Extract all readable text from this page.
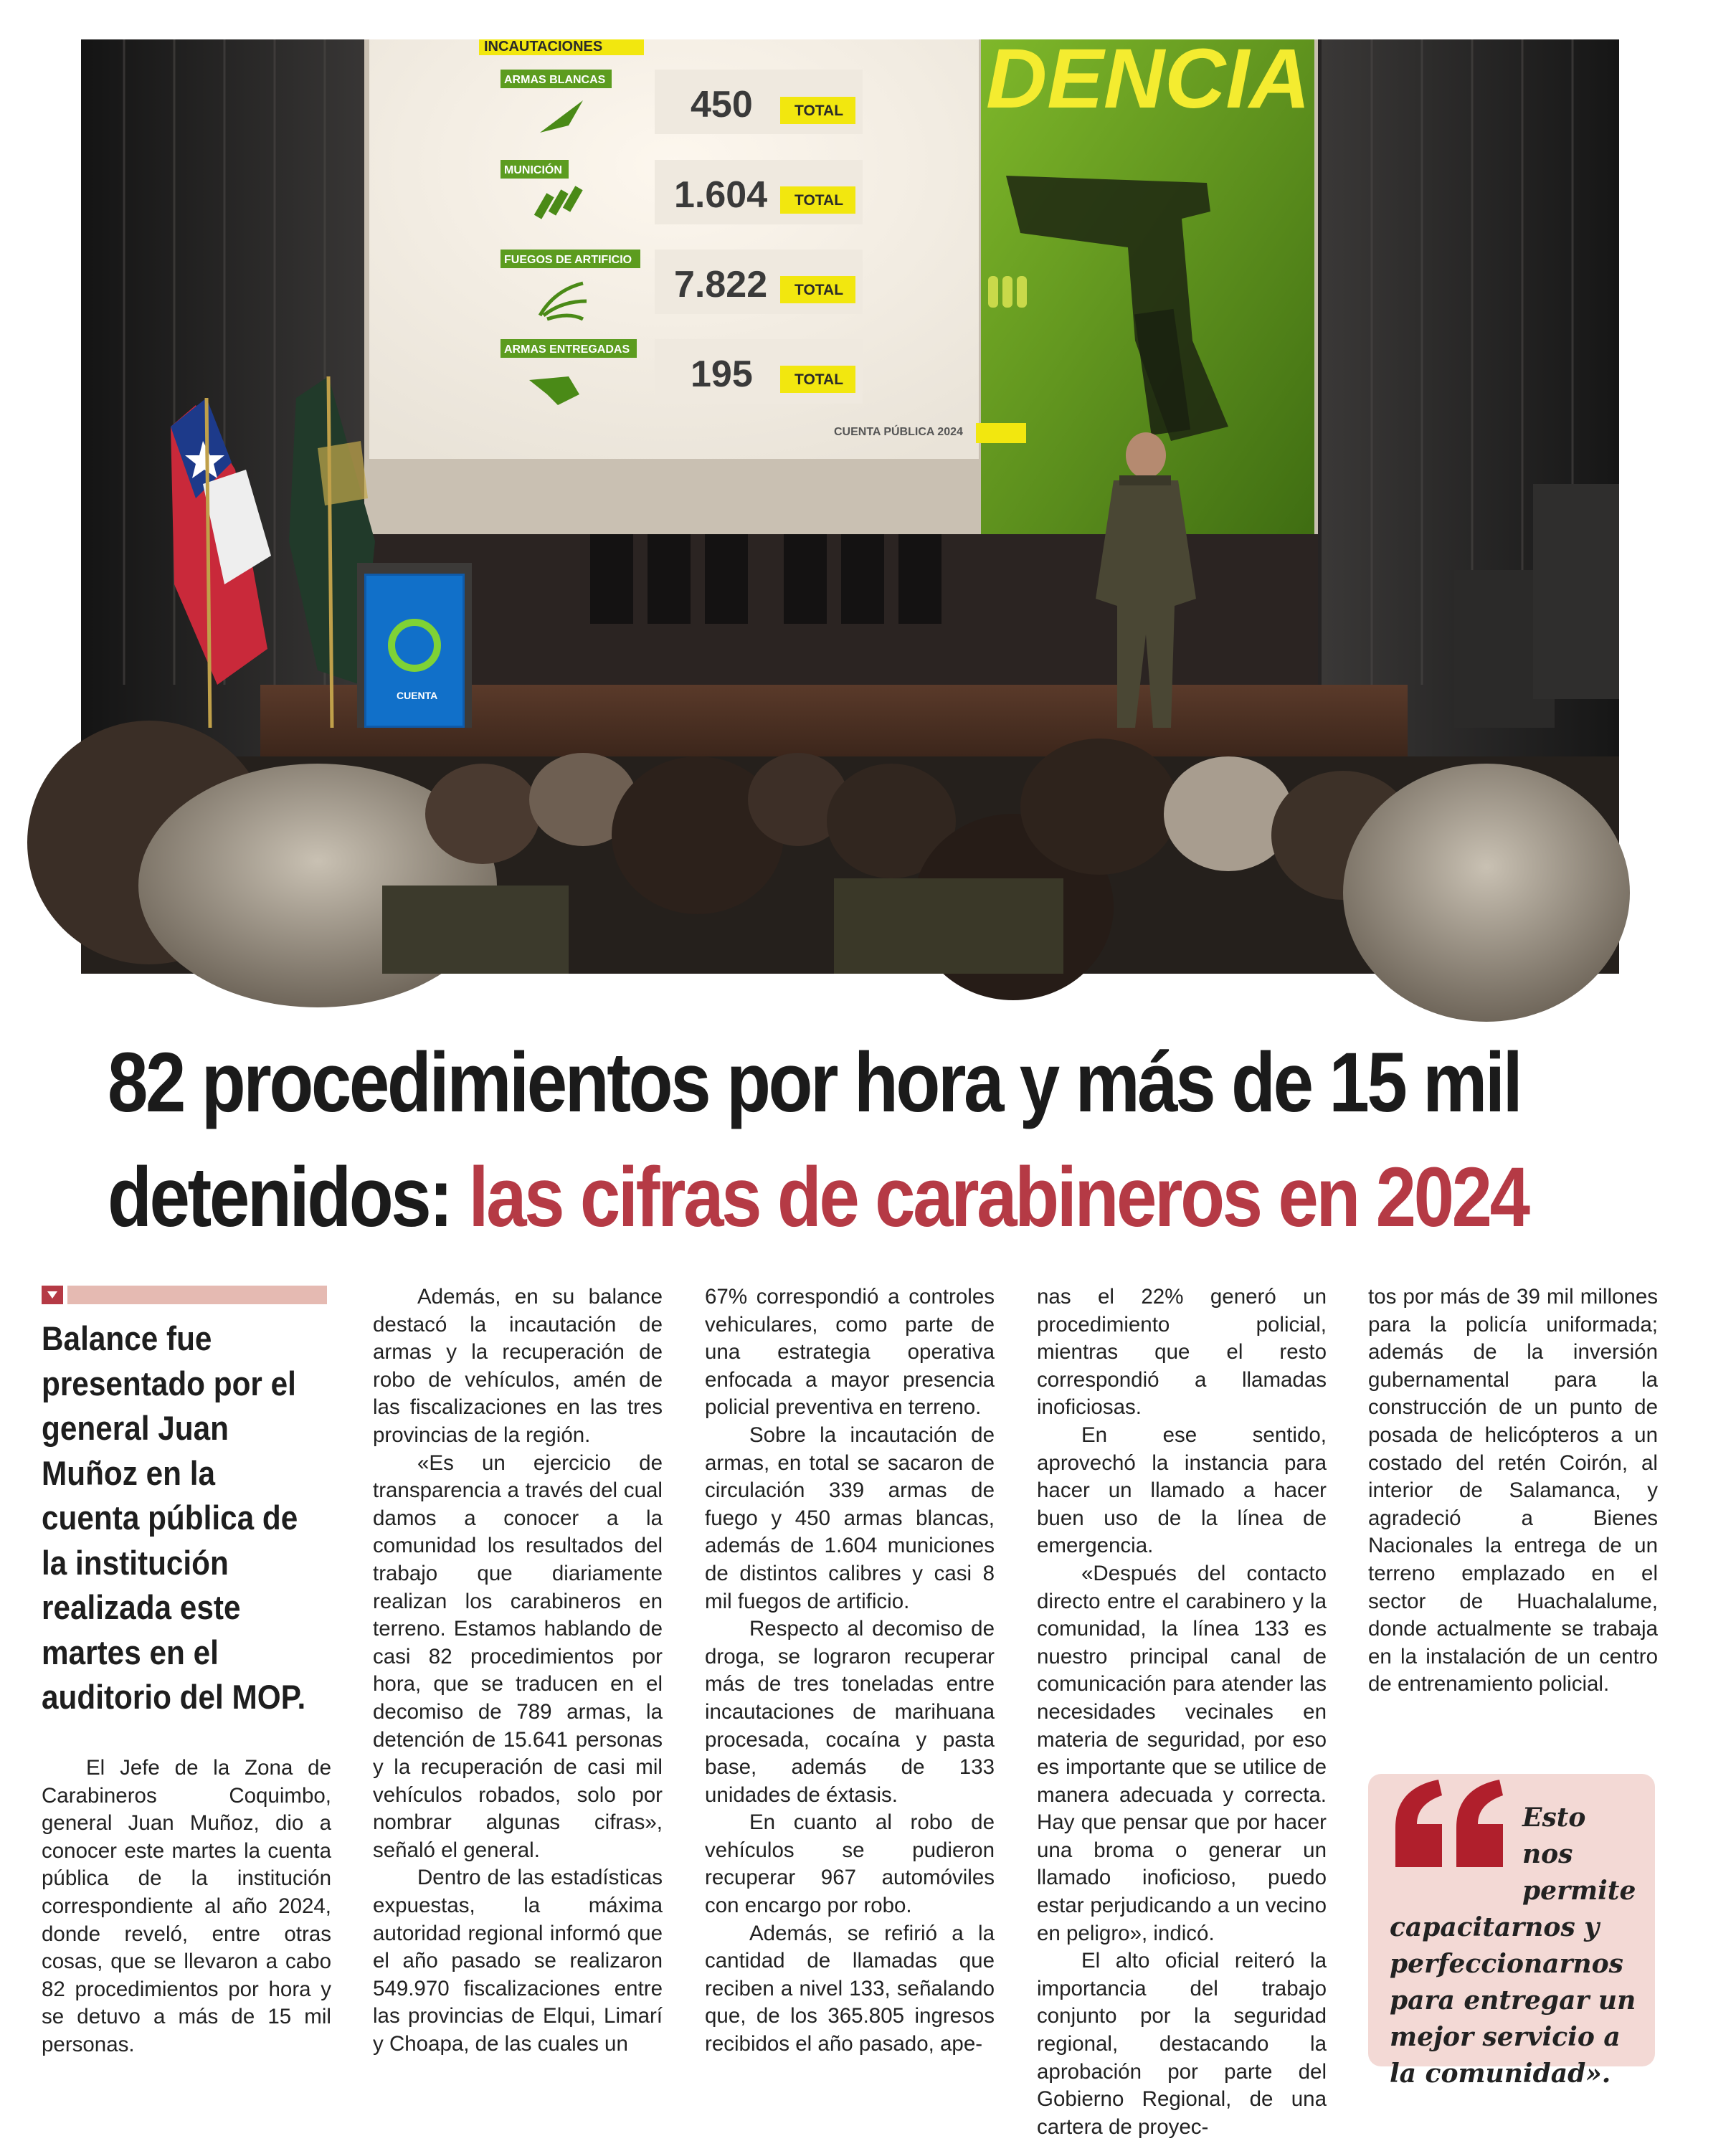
DENCIA
INCAUTACIONES
ARMAS BLANCAS
450	TOTAL
MUNICIÓN
1.604 TOTAL
FUEGOS DE ARTIFICIO
7.822 TOTAL
ARMAS ENTREGADAS
195	TOTAL
CUENTA PÚBLICA 2024
CUENTA
82 procedimientos por hora y más de 15 mil
detenidos: las cifras de carabineros en 2024
Balance fue presentado por el general Juan Muñoz en la cuenta pública de la institución realizada este martes en el auditorio del MOP.

El Jefe de la Zona de Carabineros Coquimbo, general Juan Muñoz, dio a conocer este martes la cuenta pública de la institución correspondiente al año 2024, donde reveló, entre otras cosas, que se llevaron a cabo 82 procedimientos por hora y se detuvo a más de 15 mil personas.

Además, en su balance destacó la incautación de armas y la recuperación de robo de vehículos, amén de las fiscalizaciones en las tres provincias de la región.

«Es un ejercicio de transparencia a través del cual damos a conocer a la comunidad los resultados del trabajo que diariamente realizan los carabineros en terreno. Estamos hablando de casi 82 procedimientos por hora, que se traducen en el decomiso de 789 armas, la detención de 15.641 personas y la recuperación de casi mil vehículos robados, solo por nombrar algunas cifras», señaló el general.

Dentro de las estadísticas expuestas, la máxima autoridad regional informó que el año pasado se realizaron 549.970 fiscalizaciones entre las provincias de Elqui, Limarí y Choapa, de las cuales un

67% correspondió a controles vehiculares, como parte de una estrategia operativa enfocada a mayor presencia policial preventiva en terreno.

Sobre la incautación de armas, en total se sacaron de circulación 339 armas de fuego y 450 armas blancas, además de 1.604 municiones de distintos calibres y casi 8 mil fuegos de artificio.

Respecto al decomiso de droga, se lograron recuperar más de tres toneladas entre incautaciones de marihuana procesada, cocaína y pasta base, además de 133 unidades de éxtasis.

En cuanto al robo de vehículos se pudieron recuperar 967 automóviles con encargo por robo.

Además, se refirió a la cantidad de llamadas que reciben a nivel 133, señalando que, de los 365.805 ingresos recibidos el año pasado, ape-

nas el 22% generó un procedimiento policial, mientras que el resto correspondió a llamadas inoficiosas.

En ese sentido, aprovechó la instancia para hacer un llamado a hacer buen uso de la línea de emergencia.

«Después del contacto directo entre el carabinero y la comunidad, la línea 133 es nuestro principal canal de comunicación para atender las necesidades vecinales en materia de seguridad, por eso es importante que se utilice de manera adecuada y correcta. Hay que pensar que por hacer una broma o generar un llamado inoficioso, puedo estar perjudicando a un vecino en peligro», indicó.

El alto oficial reiteró la importancia del trabajo conjunto por la seguridad regional, destacando la aprobación por parte del Gobierno Regional, de una cartera de proyec-

tos por más de 39 mil millones para la policía uniformada; además de la inversión gubernamental para la construcción de un punto de posada de helicópteros a un costado del retén Coirón, al interior de Salamanca, y agradeció a Bienes Nacionales la entrega de un terreno emplazado en el sector de Huachalalume, donde actualmente se trabaja en la instalación de un centro de entrenamiento policial.

Esto nos
permite
capacitarnos y perfeccionarnos para entregar un mejor servicio a la comunidad».
